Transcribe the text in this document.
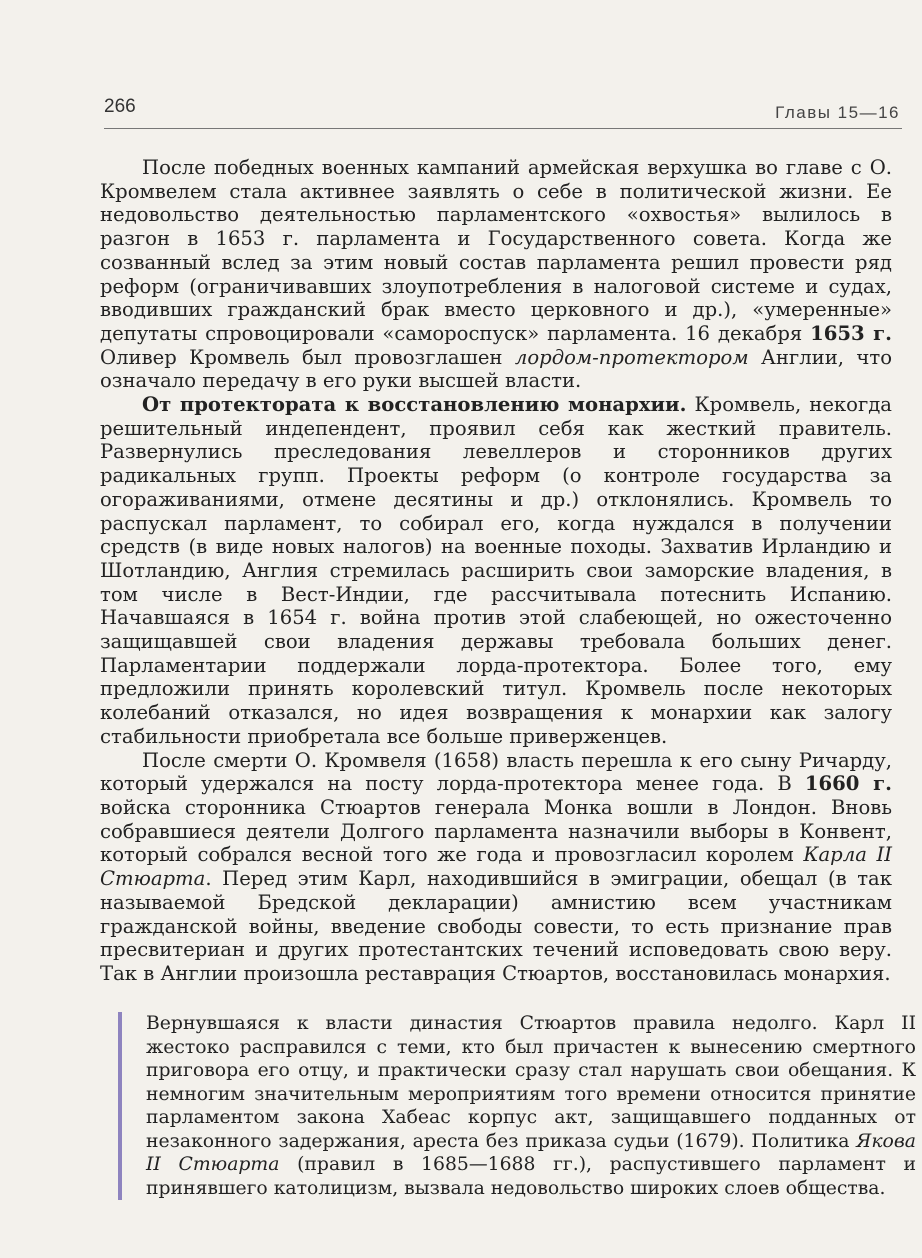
266	Главы 15—16

После победных военных кампаний армейская верхушка во главе с О. Кромвелем стала активнее заявлять о себе в политической жизни. Ее недовольство деятельностью парламентского «охвостья» вылилось в разгон в 1653 г. парламента и Государственного совета. Когда же созванный вслед за этим новый состав парламента решил провести ряд реформ (ограничивавших злоупотребления в налоговой системе и судах, вводивших гражданский брак вместо церковного и др.), «умеренные» депутаты спровоцировали «самороспуск» парламента. 16 декабря 1653 г. Оливер Кромвель был провозглашен лордом-протектором Англии, что означало передачу в его руки высшей власти.

От протектората к восстановлению монархии. Кромвель, некогда решительный индепендент, проявил себя как жесткий правитель. Развернулись преследования левеллеров и сторонников других радикальных групп. Проекты реформ (о контроле государства за огораживаниями, отмене десятины и др.) отклонялись. Кромвель то распускал парламент, то собирал его, когда нуждался в получении средств (в виде новых налогов) на военные походы. Захватив Ирландию и Шотландию, Англия стремилась расширить свои заморские владения, в том числе в Вест-Индии, где рассчитывала потеснить Испанию. Начавшаяся в 1654 г. война против этой слабеющей, но ожесточенно защищавшей свои владения державы требовала больших денег. Парламентарии поддержали лорда-протектора. Более того, ему предложили принять королевский титул. Кромвель после некоторых колебаний отказался, но идея возвращения к монархии как залогу стабильности приобретала все больше приверженцев.

После смерти О. Кромвеля (1658) власть перешла к его сыну Ричарду, который удержался на посту лорда-протектора менее года. В 1660 г. войска сторонника Стюартов генерала Монка вошли в Лондон. Вновь собравшиеся деятели Долгого парламента назначили выборы в Конвент, который собрался весной того же года и провозгласил королем Карла II Стюарта. Перед этим Карл, находившийся в эмиграции, обещал (в так называемой Бредской декларации) амнистию всем участникам гражданской войны, введение свободы совести, то есть признание прав пресвитериан и других протестантских течений исповедовать свою веру. Так в Англии произошла реставрация Стюартов, восстановилась монархия.

Вернувшаяся к власти династия Стюартов правила недолго. Карл II жестоко расправился с теми, кто был причастен к вынесению смертного приговора его отцу, и практически сразу стал нарушать свои обещания. К немногим значительным мероприятиям того времени относится принятие парламентом закона Хабеас корпус акт, защищавшего подданных от незаконного задержания, ареста без приказа судьи (1679). Политика Якова II Стюарта (правил в 1685—1688 гг.), распустившего парламент и принявшего католицизм, вызвала недовольство широких слоев общества.
